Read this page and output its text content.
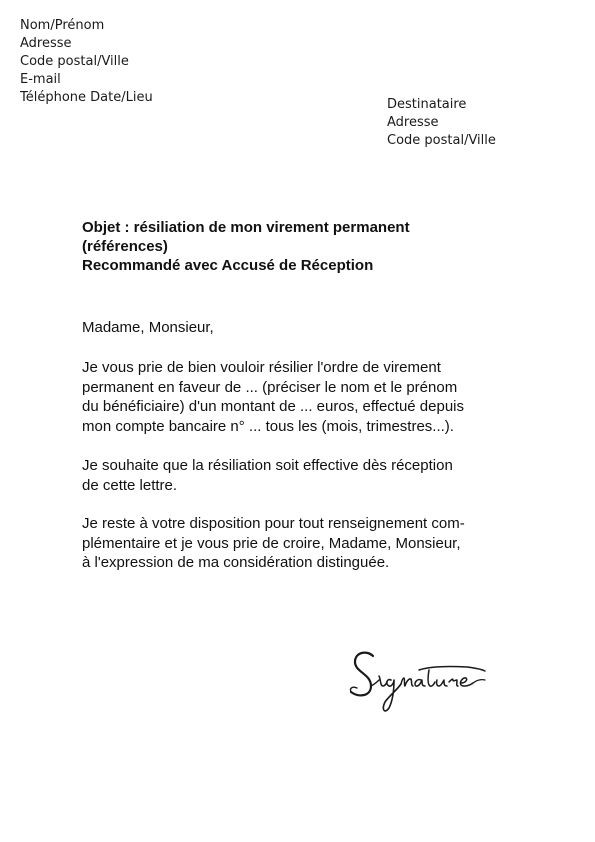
Nom/Prénom
Adresse
Code postal/Ville
E-mail
Téléphone Date/Lieu	Destinataire
Adresse
Code postal/Ville
Objet : résiliation de mon virement permanent
(références)
Recommandé avec Accusé de Réception
Madame, Monsieur,
Je vous prie de bien vouloir résilier l'ordre de virement
permanent en faveur de ... (préciser le nom et le prénom
du bénéficiaire) d'un montant de ... euros, effectué depuis
mon compte bancaire n° ... tous les (mois, trimestres...).
Je souhaite que la résiliation soit effective dès réception
de cette lettre.
Je reste à votre disposition pour tout renseignement com-
plémentaire et je vous prie de croire, Madame, Monsieur,
à l'expression de ma considération distinguée.
